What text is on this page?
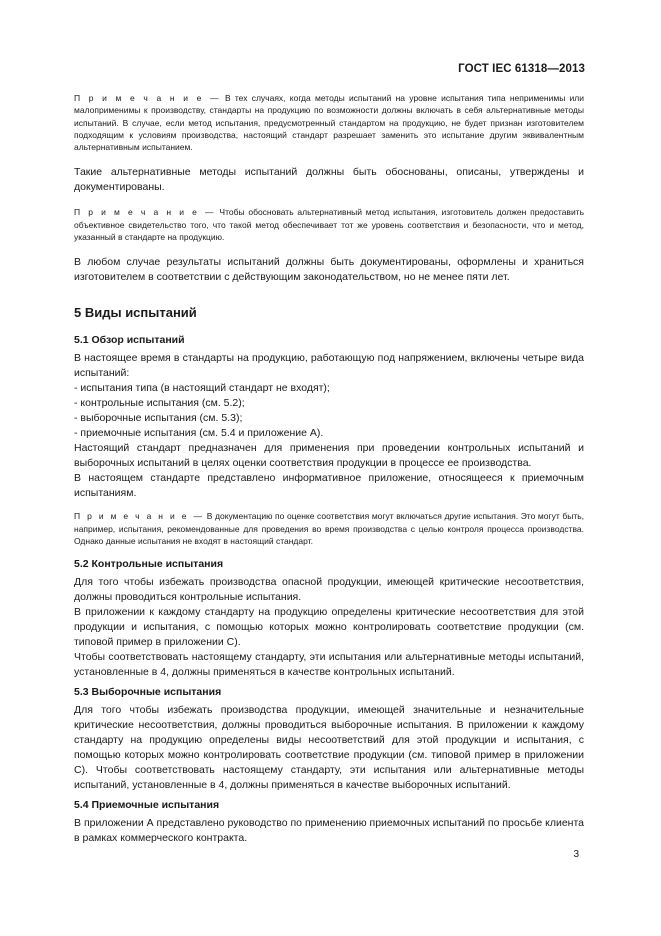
ГОСТ IEC 61318—2013

П р и м е ч а н и е — В тех случаях, когда методы испытаний на уровне испытания типа неприменимы или малоприменимы к производству, стандарты на продукцию по возможности должны включать в себя альтернативные методы испытаний. В случае, если метод испытания, предусмотренный стандартом на продукцию, не будет признан изготовителем подходящим к условиям производства, настоящий стандарт разрешает заменить это испытание другим эквивалентным альтернативным испытанием.

Такие альтернативные методы испытаний должны быть обоснованы, описаны, утверждены и документированы.

П р и м е ч а н и е — Чтобы обосновать альтернативный метод испытания, изготовитель должен предоставить объективное свидетельство того, что такой метод обеспечивает тот же уровень соответствия и безопасности, что и метод, указанный в стандарте на продукцию.

В любом случае результаты испытаний должны быть документированы, оформлены и храниться изготовителем в соответствии с действующим законодательством, но не менее пяти лет.

5 Виды испытаний
5.1 Обзор испытаний

В настоящее время в стандарты на продукцию, работающую под напряжением, включены четыре вида испытаний:

- испытания типа (в настоящий стандарт не входят);
- контрольные испытания (см. 5.2);
- выборочные испытания (см. 5.3);
- приемочные испытания (см. 5.4 и приложение А).

Настоящий стандарт предназначен для применения при проведении контрольных испытаний и выборочных испытаний в целях оценки соответствия продукции в процессе ее производства.

В настоящем стандарте представлено информативное приложение, относящееся к приемочным испытаниям.

П р и м е ч а н и е — В документацию по оценке соответствия могут включаться другие испытания. Это могут быть, например, испытания, рекомендованные для проведения во время производства с целью контроля процесса производства. Однако данные испытания не входят в настоящий стандарт.

5.2 Контрольные испытания

Для того чтобы избежать производства опасной продукции, имеющей критические несоответствия, должны проводиться контрольные испытания.

В приложении к каждому стандарту на продукцию определены критические несоответствия для этой продукции и испытания, с помощью которых можно контролировать соответствие продукции (см. типовой пример в приложении С).

Чтобы соответствовать настоящему стандарту, эти испытания или альтернативные методы испытаний, установленные в 4, должны применяться в качестве контрольных испытаний.

5.3 Выборочные испытания

Для того чтобы избежать производства продукции, имеющей значительные и незначительные критические несоответствия, должны проводиться выборочные испытания. В приложении к каждому стандарту на продукцию определены виды несоответствий для этой продукции и испытания, с помощью которых можно контролировать соответствие продукции (см. типовой пример в приложении С). Чтобы соответствовать настоящему стандарту, эти испытания или альтернативные методы испытаний, установленные в 4, должны применяться в качестве выборочных испытаний.

5.4 Приемочные испытания

В приложении А представлено руководство по применению приемочных испытаний по просьбе клиента в рамках коммерческого контракта.

3
